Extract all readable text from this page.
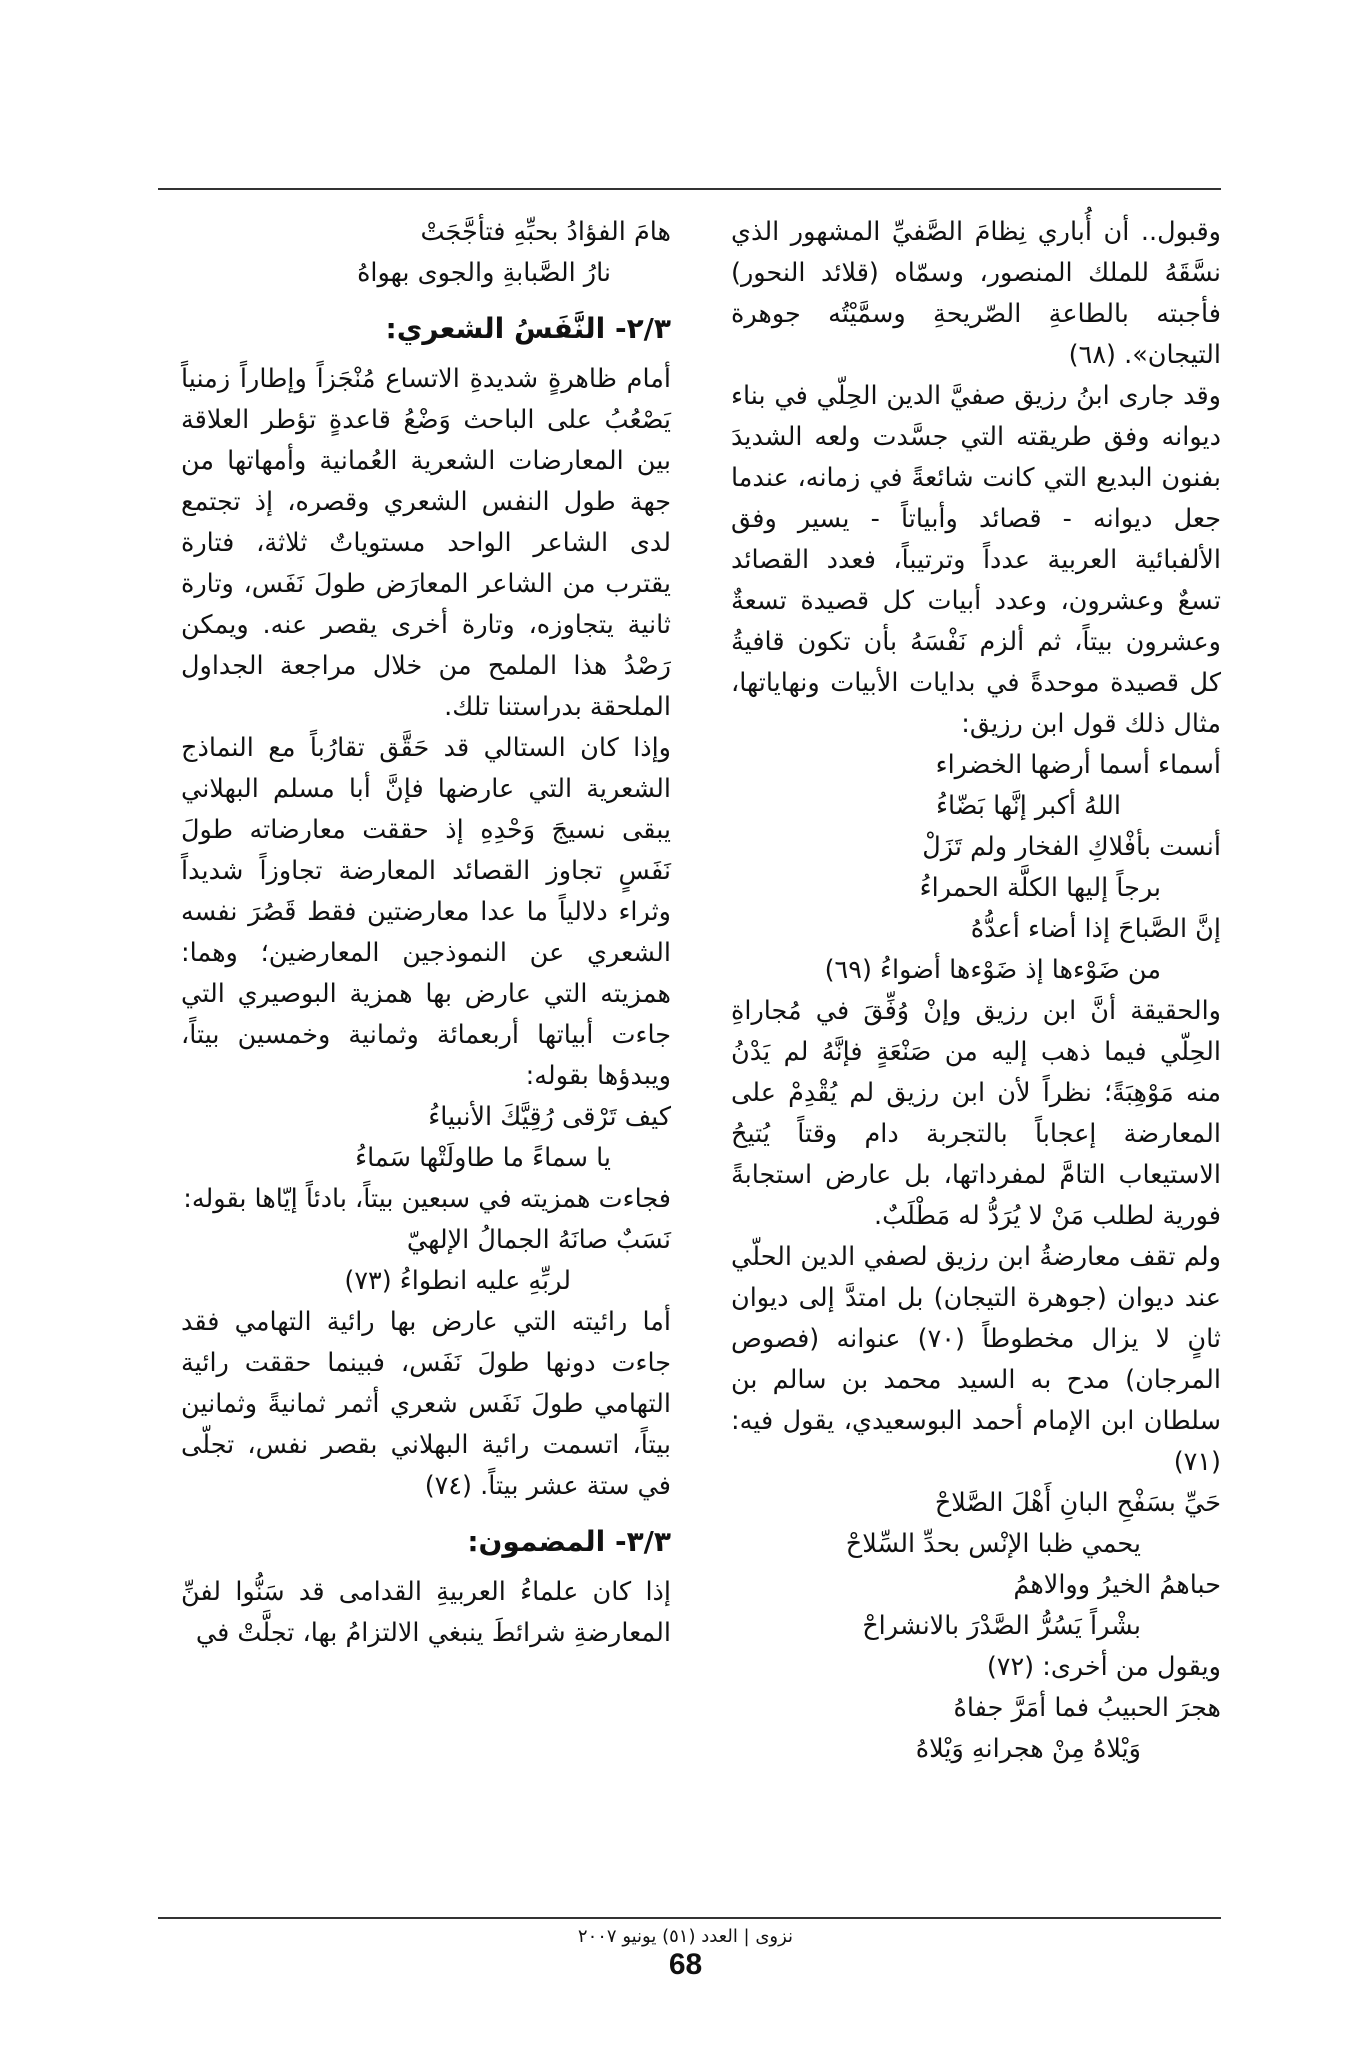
وقبول.. أن أُباري نِظامَ الصَّفيِّ المشهور الذي نسَّقَهُ للملك المنصور، وسمّاه (قلائد النحور) فأجبته بالطاعةِ الصّريحةِ وسمَّيْتُه جوهرة التيجان». (٦٨)

وقد جارى ابنُ رزيق صفيَّ الدين الحِلّي في بناء ديوانه وفق طريقته التي جسَّدت ولعه الشديدَ بفنون البديع التي كانت شائعةً في زمانه، عندما جعل ديوانه - قصائد وأبياتاً - يسير وفق الألفبائية العربية عدداً وترتيباً، فعدد القصائد تسعٌ وعشرون، وعدد أبيات كل قصيدة تسعةٌ وعشرون بيتاً، ثم ألزم نَفْسَهُ بأن تكون قافيةُ كل قصيدة موحدةً في بدايات الأبيات ونهاياتها، مثال ذلك قول ابن رزيق:

أسماء أسما أرضها الخضراء

اللهُ أكبر إنَّها بَضّاءُ

أنست بأفْلاكِ الفخار ولم تَزَلْ

برجاً إليها الكلَّة الحمراءُ

إنَّ الصَّباحَ إذا أضاء أعدُّهُ

من ضَوْءها إذ ضَوْءها أضواءُ (٦٩)

والحقيقة أنَّ ابن رزيق وإنْ وُفِّقَ في مُجاراةِ الحِلّي فيما ذهب إليه من صَنْعَةٍ فإنَّهُ لم يَدْنُ منه مَوْهِبَةً؛ نظراً لأن ابن رزيق لم يُقْدِمْ على المعارضة إعجاباً بالتجربة دام وقتاً يُتيحُ الاستيعاب التامَّ لمفرداتها، بل عارض استجابةً فورية لطلب مَنْ لا يُرَدُّ له مَطْلَبٌ.

ولم تقف معارضةُ ابن رزيق لصفي الدين الحلّي عند ديوان (جوهرة التيجان) بل امتدَّ إلى ديوان ثانٍ لا يزال مخطوطاً (٧٠) عنوانه (فصوص المرجان) مدح به السيد محمد بن سالم بن سلطان ابن الإمام أحمد البوسعيدي، يقول فيه: (٧١)

حَيِّ بسَفْحِ البانِ أَهْلَ الصَّلاحْ

يحمي ظبا الإنْس بحدِّ السِّلاحْ

حباهمُ الخيرُ ووالاهمُ

بشْراً يَسُرُّ الصَّدْرَ بالانشراحْ

ويقول من أخرى: (٧٢)

هجرَ الحبيبُ فما أمَرَّ جفاهُ

وَيْلاهُ مِنْ هجرانهِ وَيْلاهُ

هامَ الفؤادُ بحبِّهِ فتأجَّجَتْ

نارُ الصَّبابةِ والجوى بهواهُ

٢/٣- النَّفَسُ الشعري:

أمام ظاهرةٍ شديدةِ الاتساع مُنْجَزاً وإطاراً زمنياً يَصْعُبُ على الباحث وَضْعُ قاعدةٍ تؤطر العلاقة بين المعارضات الشعرية العُمانية وأمهاتها من جهة طول النفس الشعري وقصره، إذ تجتمع لدى الشاعر الواحد مستوياتٌ ثلاثة، فتارة يقترب من الشاعر المعارَض طولَ نَفَس، وتارة ثانية يتجاوزه، وتارة أخرى يقصر عنه. ويمكن رَصْدُ هذا الملمح من خلال مراجعة الجداول الملحقة بدراستنا تلك.

وإذا كان الستالي قد حَقَّق تقارُباً مع النماذج الشعرية التي عارضها فإنَّ أبا مسلم البهلاني يبقى نسيجَ وَحْدِهِ إذ حققت معارضاته طولَ نَفَسٍ تجاوز القصائد المعارضة تجاوزاً شديداً وثراء دلالياً ما عدا معارضتين فقط قَصُرَ نفسه الشعري عن النموذجين المعارضين؛ وهما: همزيته التي عارض بها همزية البوصيري التي جاءت أبياتها أربعمائة وثمانية وخمسين بيتاً، ويبدؤها بقوله:

كيف تَرْقى رُقِيَّكَ الأنبياءُ

يا سماءً ما طاولَتْها سَماءُ

فجاءت همزيته في سبعين بيتاً، بادئاً إيّاها بقوله:

نَسَبٌ صانَهُ الجمالُ الإلهيّ

لربِّهِ عليه انطواءُ (٧٣)

أما رائيته التي عارض بها رائية التهامي فقد جاءت دونها طولَ نَفَس، فبينما حققت رائية التهامي طولَ نَفَس شعري أثمر ثمانيةً وثمانين بيتاً، اتسمت رائية البهلاني بقصر نفس، تجلّى في ستة عشر بيتاً. (٧٤)

٣/٣- المضمون:

إذا كان علماءُ العربيةِ القدامى قد سَنُّوا لفنِّ المعارضةِ شرائطَ ينبغي الالتزامُ بها، تجلَّتْ في

نزوى | العدد (٥١) يونيو ٢٠٠٧
68
